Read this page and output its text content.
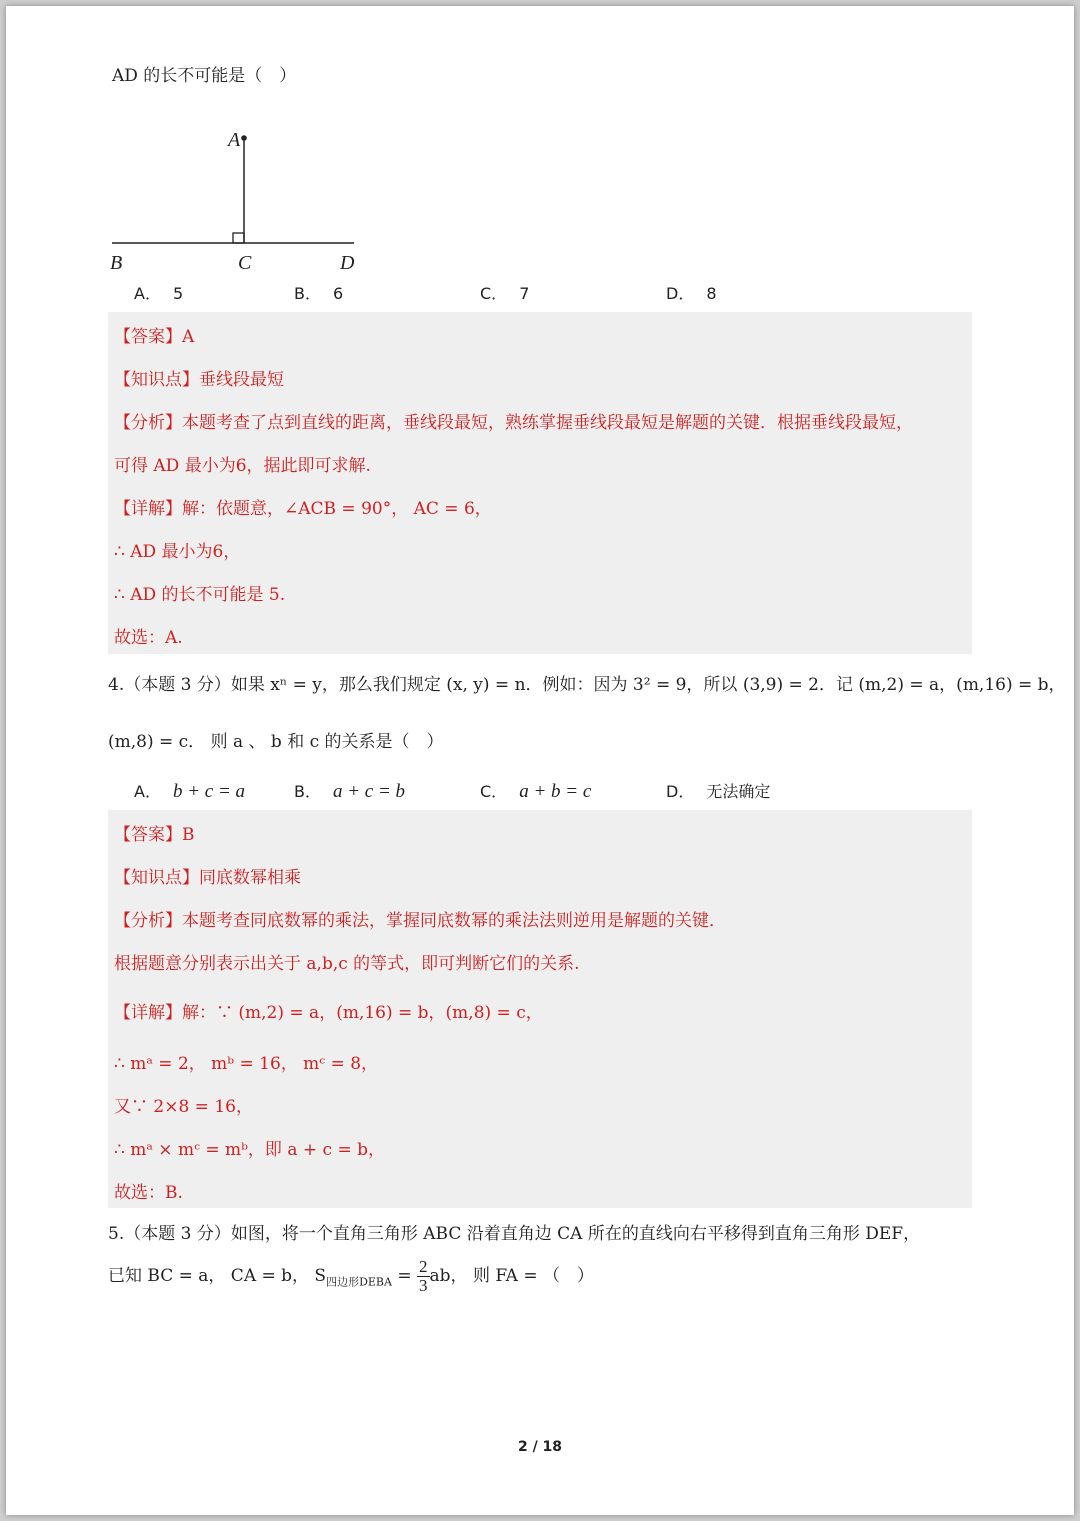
AD 的长不可能是（　）
A
B	C	D
A． 5	B． 6	C． 7	D． 8
【答案】A
【知识点】垂线段最短
【分析】本题考查了点到直线的距离，垂线段最短，熟练掌握垂线段最短是解题的关键．根据垂线段最短，
可得 AD 最小为6，据此即可求解.
【详解】解：依题意，∠ACB = 90°， AC = 6，
∴ AD 最小为6，
∴ AD 的长不可能是 5.
故选：A.
4.（本题 3 分）如果 xⁿ = y，那么我们规定 (x, y) = n．例如：因为 3² = 9，所以 (3,9) = 2．记 (m,2) = a，(m,16) = b，
(m,8) = c． 则 a 、 b 和 c 的关系是（　）
A． b + c = a	B． a + c = b	C． a + b = c	D． 无法确定
【答案】B
【知识点】同底数幂相乘
【分析】本题考查同底数幂的乘法，掌握同底数幂的乘法法则逆用是解题的关键．
根据题意分别表示出关于 a,b,c 的等式，即可判断它们的关系.
【详解】解：∵ (m,2) = a，(m,16) = b，(m,8) = c，
∴ mᵃ = 2， mᵇ = 16， mᶜ = 8，
又∵ 2×8 = 16，
∴ mᵃ × mᶜ = mᵇ，即 a + c = b，
故选：B.
5.（本题 3 分）如图，将一个直角三角形 ABC 沿着直角边 CA 所在的直线向右平移得到直角三角形 DEF，
已知 BC = a， CA = b， $S_{四边形DEBA} = \frac{2}{3}$ ab， 则 FA = （　）
2 / 18
